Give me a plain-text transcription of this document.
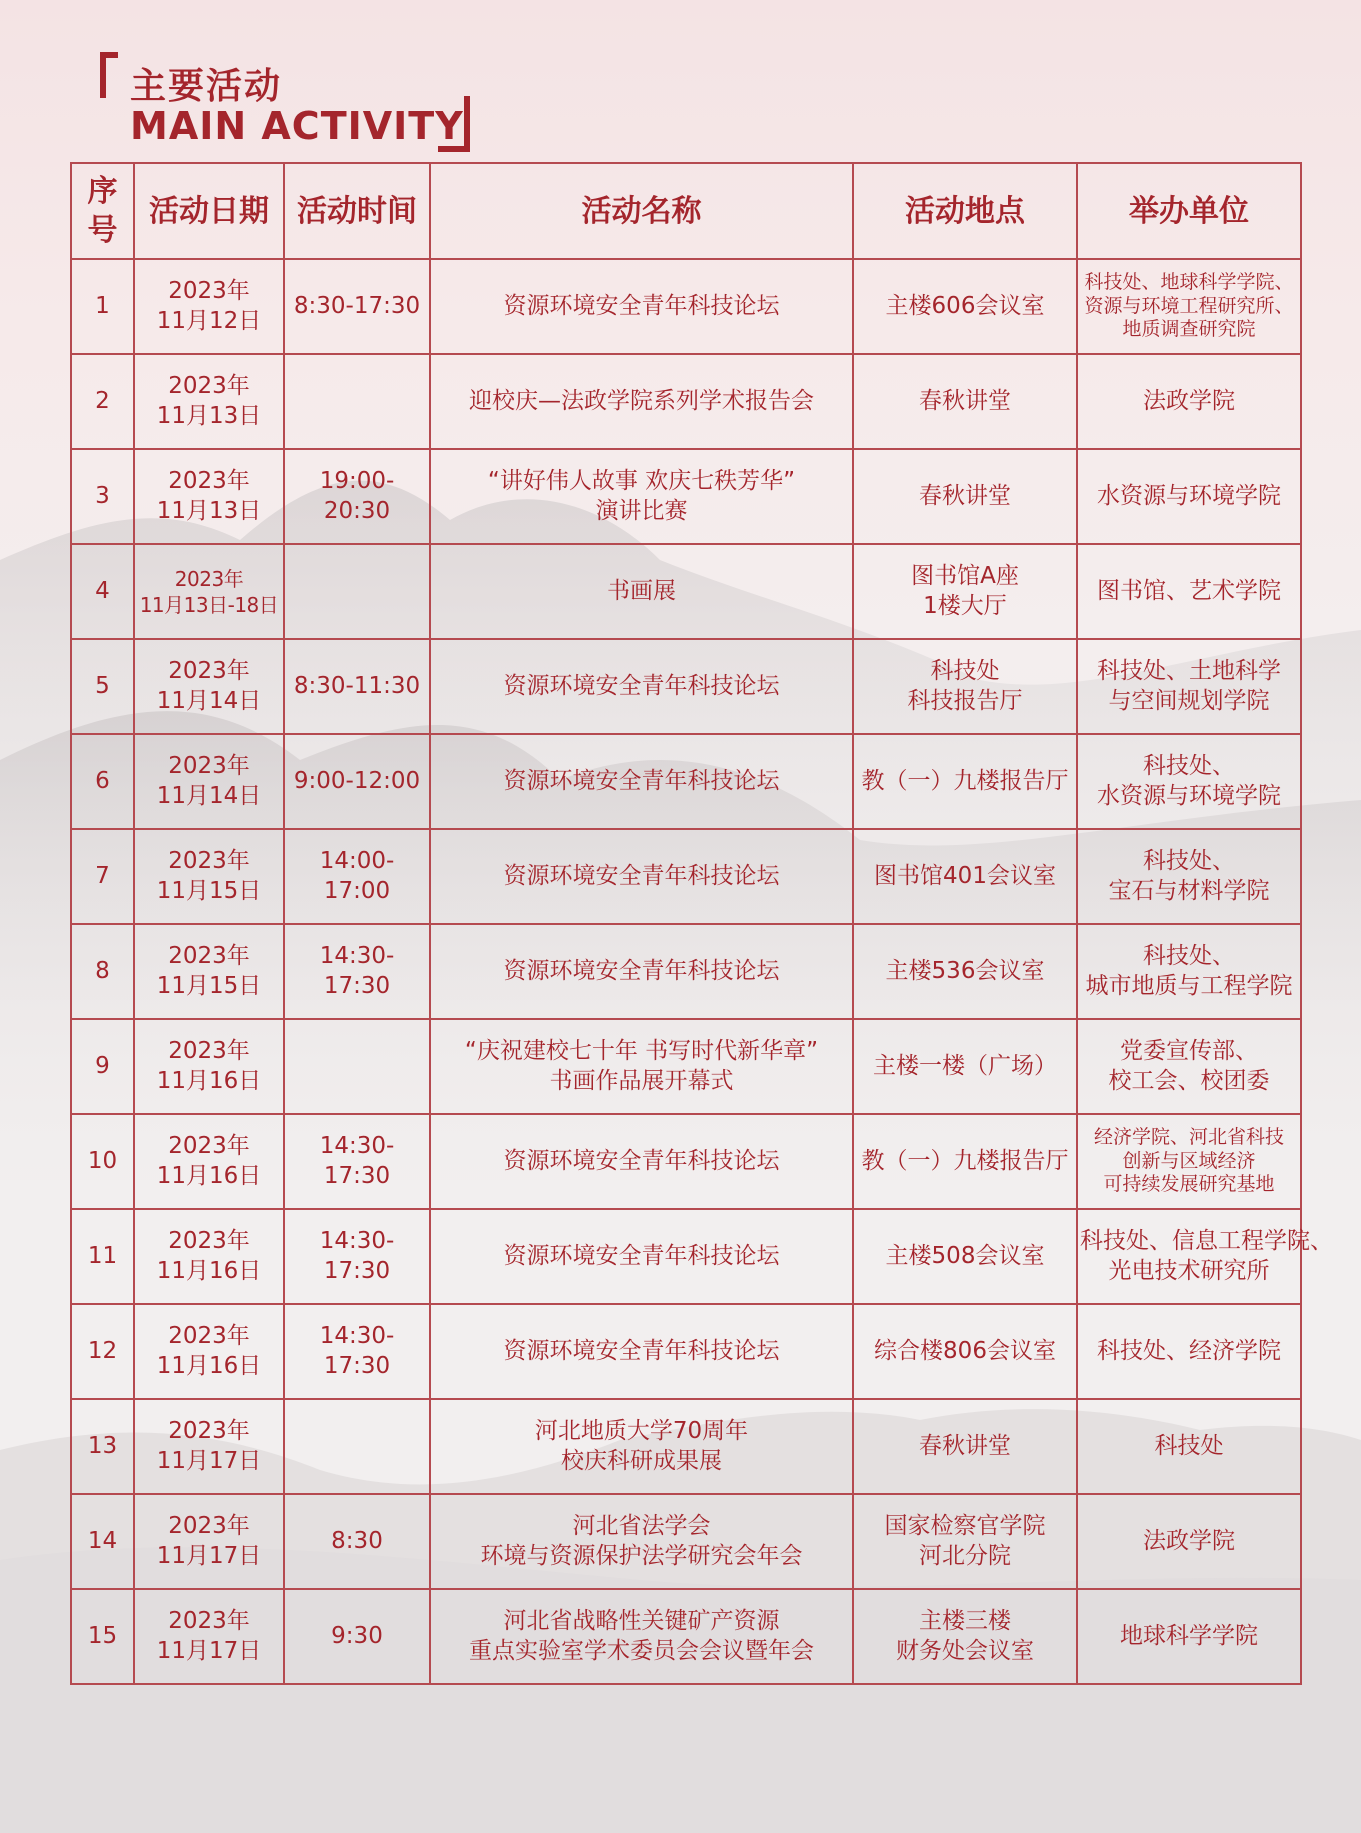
主要活动
MAIN ACTIVITY
序
号	活动日期	活动时间	活动名称	活动地点	举办单位
1	2023年
11月12日	8:30-17:30	资源环境安全青年科技论坛	主楼606会议室	科技处、地球科学学院、
资源与环境工程研究所、
地质调查研究院

2	2023年
11月13日		迎校庆—法政学院系列学术报告会	春秋讲堂	法政学院

3	2023年
11月13日	19:00-20:30	“讲好伟人故事 欢庆七秩芳华”
演讲比赛	春秋讲堂	水资源与环境学院

4	2023年
11月13日-18日		书画展	图书馆A座
1楼大厅	图书馆、艺术学院

5	2023年
11月14日	8:30-11:30	资源环境安全青年科技论坛	科技处
科技报告厅	科技处、土地科学
与空间规划学院

6	2023年
11月14日	9:00-12:00	资源环境安全青年科技论坛	教（一）九楼报告厅	科技处、
水资源与环境学院

7	2023年
11月15日	14:00-17:00	资源环境安全青年科技论坛	图书馆401会议室	科技处、
宝石与材料学院

8	2023年
11月15日	14:30-17:30	资源环境安全青年科技论坛	主楼536会议室	科技处、
城市地质与工程学院

9	2023年
11月16日		“庆祝建校七十年 书写时代新华章”
书画作品展开幕式	主楼一楼（广场）	党委宣传部、
校工会、校团委

10	2023年
11月16日	14:30-17:30	资源环境安全青年科技论坛	教（一）九楼报告厅	经济学院、河北省科技
创新与区域经济
可持续发展研究基地

11	2023年
11月16日	14:30-17:30	资源环境安全青年科技论坛	主楼508会议室	科技处、信息工程学院、
光电技术研究所

12	2023年
11月16日	14:30-17:30	资源环境安全青年科技论坛	综合楼806会议室	科技处、经济学院

13	2023年
11月17日		河北地质大学70周年
校庆科研成果展	春秋讲堂	科技处

14	2023年
11月17日	8:30	河北省法学会
环境与资源保护法学研究会年会	国家检察官学院
河北分院	法政学院

15	2023年
11月17日	9:30	河北省战略性关键矿产资源
重点实验室学术委员会会议暨年会	主楼三楼
财务处会议室	地球科学学院
